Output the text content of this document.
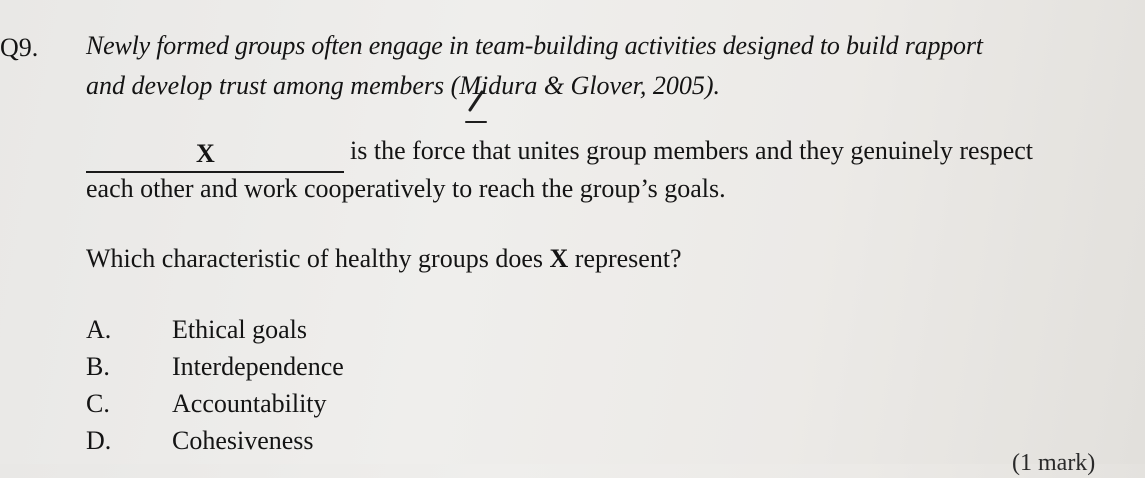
Q9. Newly formed groups often engage in team-building activities designed to build rapport
and develop trust among members (Midura & Glover, 2005).
X	is the force that unites group members and they genuinely respect
each other and work cooperatively to reach the group’s goals.
Which characteristic of healthy groups does X represent?
A. Ethical goals
B. Interdependence
C. Accountability
D. Cohesiveness
(1 mark)
